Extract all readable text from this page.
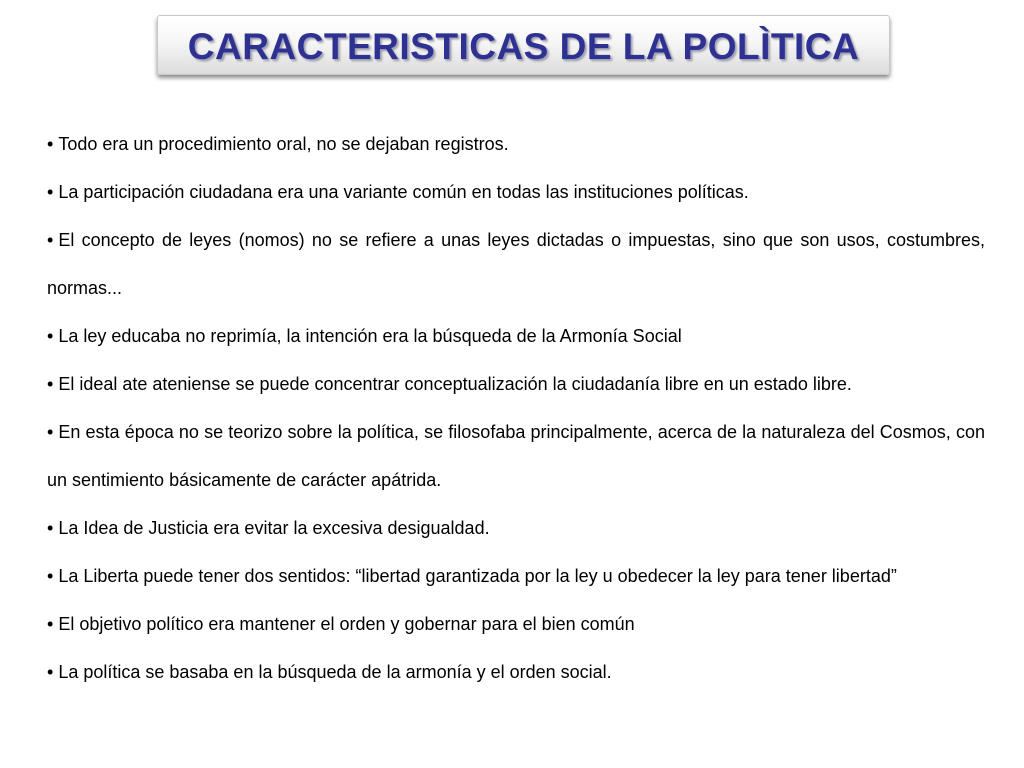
CARACTERISTICAS DE LA POLÌTICA
• Todo era un procedimiento oral, no se dejaban registros.
• La participación ciudadana era una variante común en todas las instituciones políticas.
• El concepto de leyes (nomos) no se refiere a unas leyes dictadas o impuestas, sino que son usos, costumbres, normas...
• La ley educaba no reprimía, la intención era la búsqueda de la Armonía Social
• El ideal ate ateniense se puede concentrar conceptualización la ciudadanía libre en un estado libre.
• En esta época no se teorizo sobre la política, se filosofaba principalmente, acerca de la naturaleza del Cosmos, con un sentimiento básicamente de carácter apátrida.
• La Idea de Justicia era evitar la excesiva desigualdad.
• La Liberta puede tener dos sentidos: “libertad garantizada por la ley u obedecer la ley para tener libertad”
• El objetivo político era mantener el orden y gobernar para el bien común
• La política se basaba en la búsqueda de la armonía y el orden social.
